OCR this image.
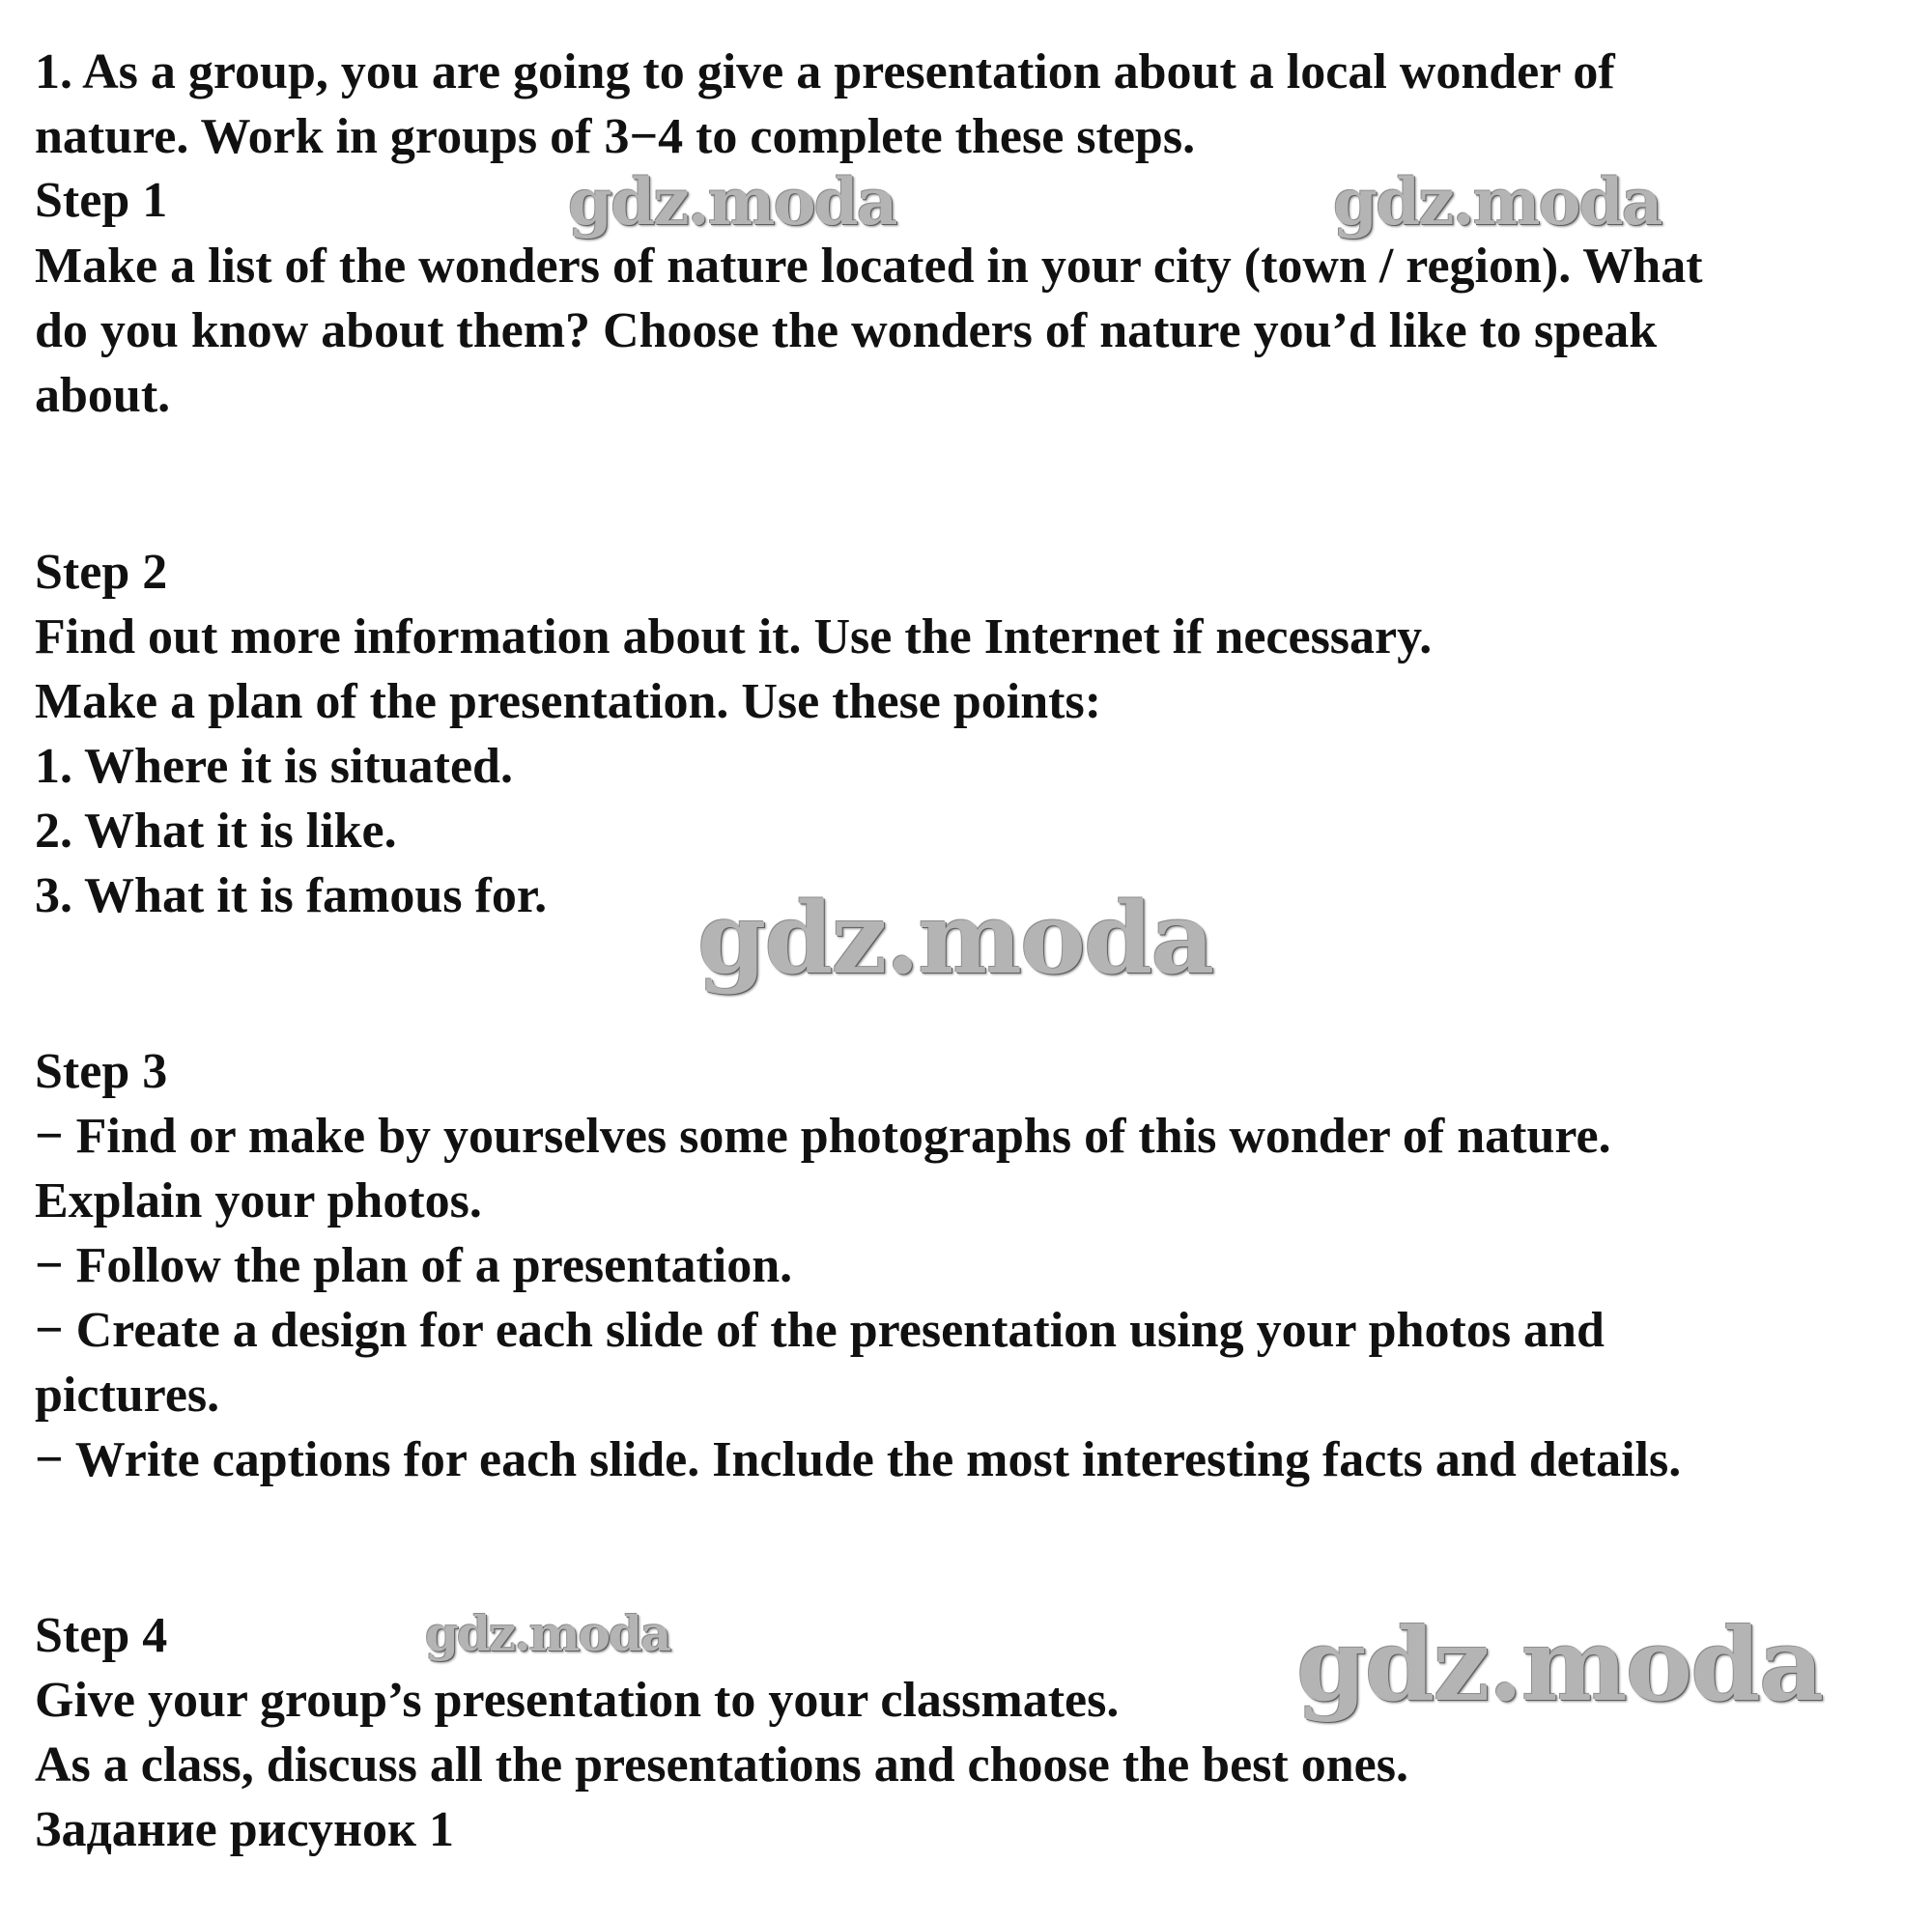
1. As a group, you are going to give a presentation about a local wonder of

nature. Work in groups of 3−4 to complete these steps.

Step 1

Make a list of the wonders of nature located in your city (town / region). What

do you know about them? Choose the wonders of nature you’d like to speak

about.

Step 2

Find out more information about it. Use the Internet if necessary.

Make a plan of the presentation. Use these points:

1. Where it is situated.

2. What it is like.

3. What it is famous for.

Step 3

− Find or make by yourselves some photographs of this wonder of nature.

Explain your photos.

− Follow the plan of a presentation.

− Create a design for each slide of the presentation using your photos and

pictures.

− Write captions for each slide. Include the most interesting facts and details.

Step 4

Give your group’s presentation to your classmates.

As a class, discuss all the presentations and choose the best ones.

Задание рисунок 1

gdz.moda	gdz.moda
gdz.moda
gdz.moda	gdz.moda
